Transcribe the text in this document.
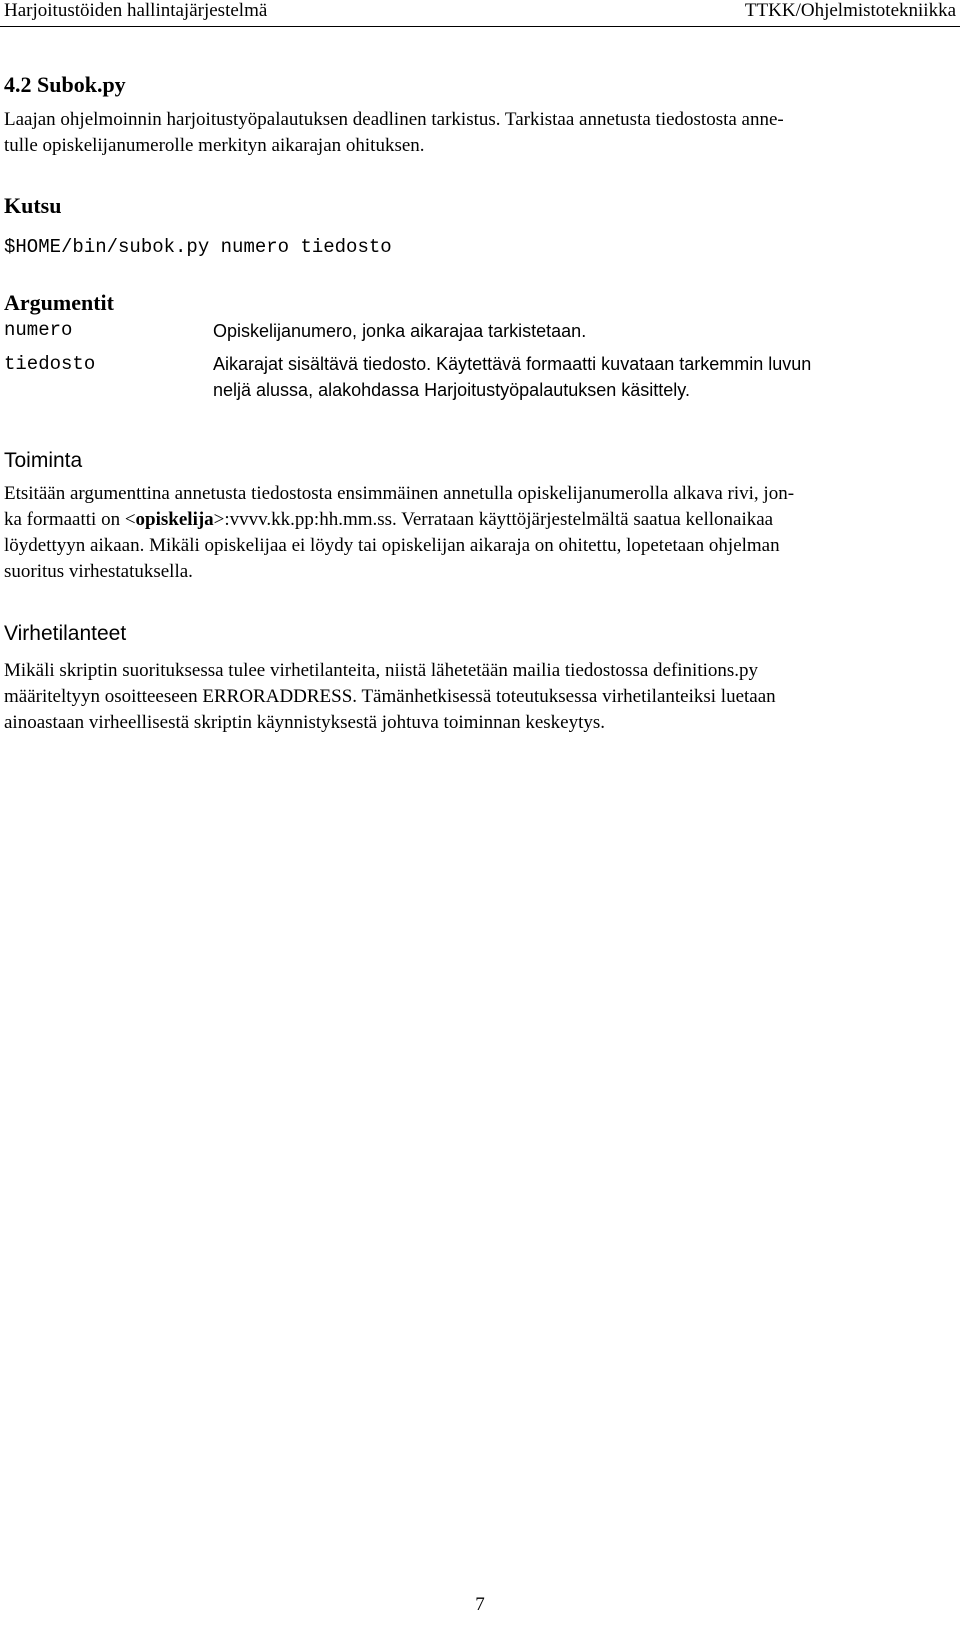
Harjoitustöiden hallintajärjestelmä	TTKK/Ohjelmistotekniikka
4.2 Subok.py
Laajan ohjelmoinnin harjoitustyöpalautuksen deadlinen tarkistus. Tarkistaa annetusta tiedostosta anne-
tulle opiskelijanumerolle merkityn aikarajan ohituksen.
Kutsu
$HOME/bin/subok.py numero tiedosto
Argumentit
numero	Opiskelijanumero, jonka aikarajaa tarkistetaan.
tiedosto	Aikarajat sisältävä tiedosto. Käytettävä formaatti kuvataan tarkemmin luvun
neljä alussa, alakohdassa Harjoitustyöpalautuksen käsittely.
Toiminta
Etsitään argumenttina annetusta tiedostosta ensimmäinen annetulla opiskelijanumerolla alkava rivi, jon-
ka formaatti on <opiskelija>:vvvv.kk.pp:hh.mm.ss. Verrataan käyttöjärjestelmältä saatua kellonaikaa
löydettyyn aikaan. Mikäli opiskelijaa ei löydy tai opiskelijan aikaraja on ohitettu, lopetetaan ohjelman
suoritus virhestatuksella.
Virhetilanteet
Mikäli skriptin suorituksessa tulee virhetilanteita, niistä lähetetään mailia tiedostossa definitions.py
määriteltyyn osoitteeseen ERRORADDRESS. Tämänhetkisessä toteutuksessa virhetilanteiksi luetaan
ainoastaan virheellisestä skriptin käynnistyksestä johtuva toiminnan keskeytys.
7
